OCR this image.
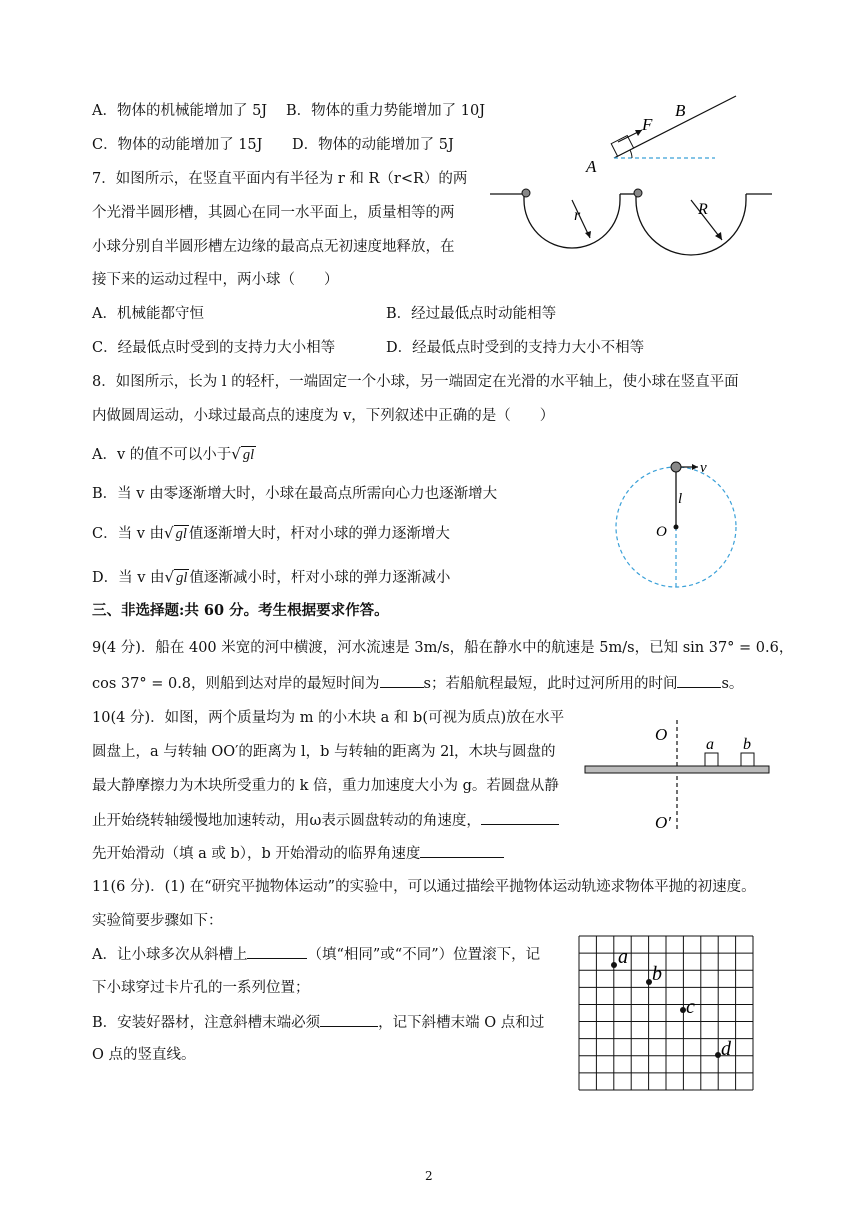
A．物体的机械能增加了 5J B．物体的重力势能增加了 10J
C．物体的动能增加了 15J D．物体的动能增加了 5J
F
B
A
7．如图所示，在竖直平面内有半径为 r 和 R（r<R）的两
个光滑半圆形槽，其圆心在同一水平面上，质量相等的两
小球分别自半圆形槽左边缘的最高点无初速度地释放，在
接下来的运动过程中，两小球（　　）
r	R
A．机械能都守恒	B．经过最低点时动能相等
C．经最低点时受到的支持力大小相等	D．经最低点时受到的支持力大小不相等
8．如图所示，长为 l 的轻杆，一端固定一个小球，另一端固定在光滑的水平轴上，使小球在竖直平面
内做圆周运动，小球过最高点的速度为 v，下列叙述中正确的是（　　）
A．v 的值不可以小于√ gl
B．当 v 由零逐渐增大时，小球在最高点所需向心力也逐渐增大
C．当 v 由√ gl 值逐渐增大时，杆对小球的弹力逐渐增大
D．当 v 由√ gl 值逐渐减小时，杆对小球的弹力逐渐减小
v
l
O
三、非选择题:共 60 分。考生根据要求作答。
9(4 分)．船在 400 米宽的河中横渡，河水流速是 3m/s，船在静水中的航速是 5m/s，已知 sin 37° = 0.6，
cos 37° = 0.8，则船到达对岸的最短时间为	s；若船航程最短，此时过河所用的时间	s。
10(4 分)．如图，两个质量均为 m 的小木块 a 和 b(可视为质点)放在水平
圆盘上，a 与转轴 OO′的距离为 l，b 与转轴的距离为 2l，木块与圆盘的
最大静摩擦力为木块所受重力的 k 倍，重力加速度大小为 g。若圆盘从静
止开始绕转轴缓慢地加速转动，用ω表示圆盘转动的角速度，
先开始滑动（填 a 或 b），b 开始滑动的临界角速度
O
O′
a b
11(6 分)．(1) 在“研究平抛物体运动”的实验中，可以通过描绘平抛物体运动轨迹求物体平抛的初速度。
实验简要步骤如下：
A．让小球多次从斜槽上	（填“相同”或“不同”）位置滚下，记
下小球穿过卡片孔的一系列位置；
B．安装好器材，注意斜槽末端必须	，记下斜槽末端 O 点和过
O 点的竖直线。
a
b
c
d
2
